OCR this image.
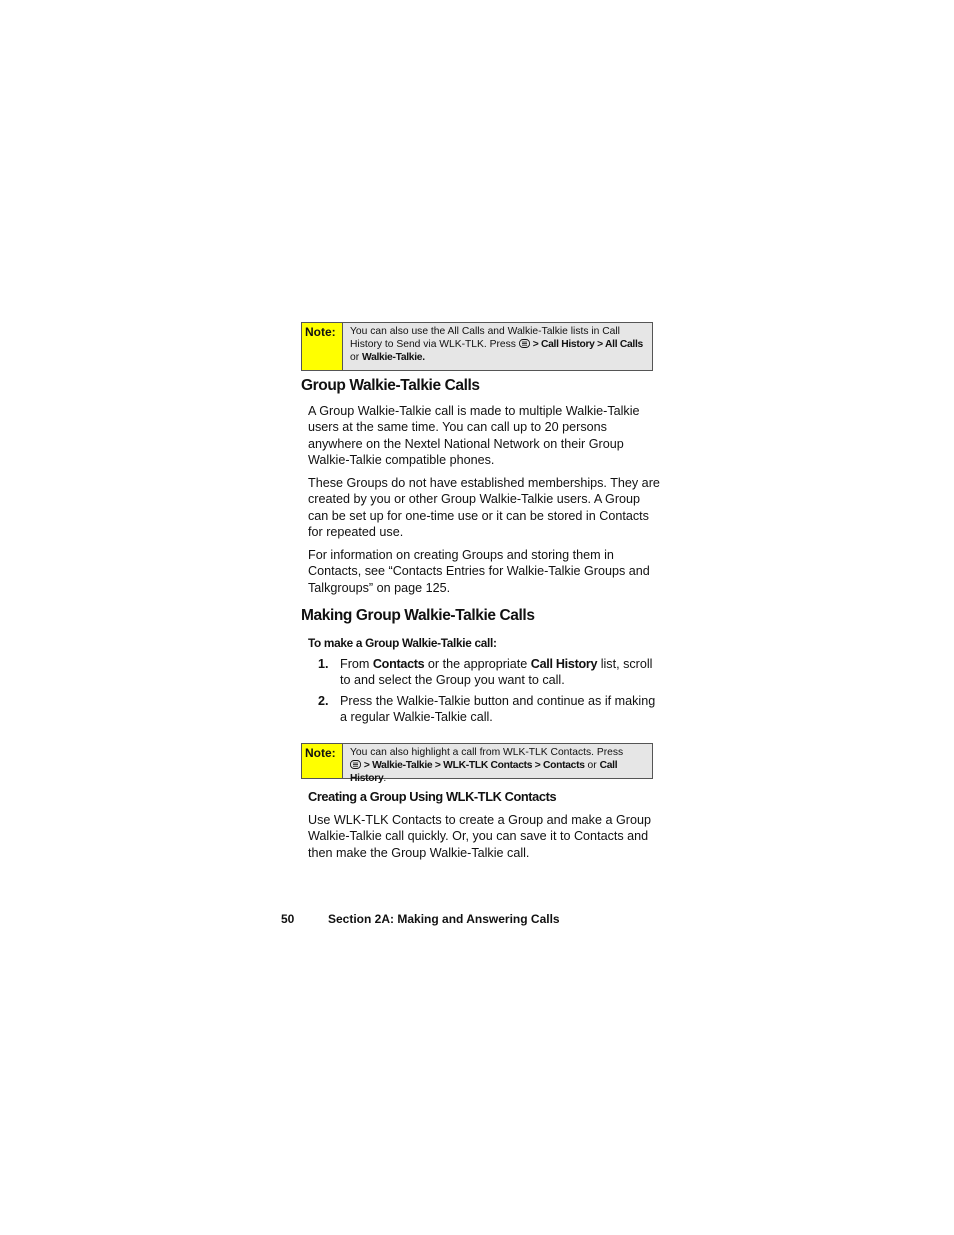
Note:	You can also use the All Calls and Walkie-Talkie lists in Call History to Send via WLK-TLK. Press > Call History > All Calls or Walkie-Talkie.
Group Walkie-Talkie Calls

A Group Walkie-Talkie call is made to multiple Walkie-Talkie users at the same time. You can call up to 20 persons anywhere on the Nextel National Network on their Group Walkie-Talkie compatible phones.

These Groups do not have established memberships. They are created by you or other Group Walkie-Talkie users. A Group can be set up for one-time use or it can be stored in Contacts for repeated use.

For information on creating Groups and storing them in Contacts, see “Contacts Entries for Walkie-Talkie Groups and Talkgroups” on page 125.

Making Group Walkie-Talkie Calls

To make a Group Walkie-Talkie call:

1. From Contacts or the appropriate Call History list, scroll to and select the Group you want to call.
2. Press the Walkie-Talkie button and continue as if making a regular Walkie-Talkie call.
Note:	You can also highlight a call from WLK-TLK Contacts. Press
> Walkie-Talkie > WLK-TLK Contacts > Contacts or Call History.
Creating a Group Using WLK-TLK Contacts

Use WLK-TLK Contacts to create a Group and make a Group Walkie-Talkie call quickly. Or, you can save it to Contacts and then make the Group Walkie-Talkie call.

50	Section 2A: Making and Answering Calls
